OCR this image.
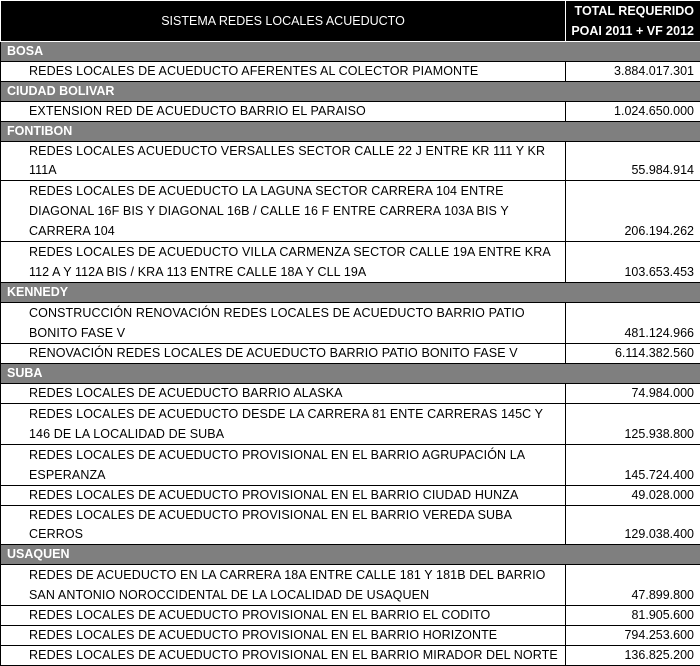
SISTEMA REDES LOCALES ACUEDUCTO	TOTAL REQUERIDO
POAI 2011 + VF 2012

BOSA	
REDES LOCALES DE ACUEDUCTO AFERENTES AL COLECTOR PIAMONTE	3.884.017.301
CIUDAD BOLIVAR	
EXTENSION RED DE ACUEDUCTO BARRIO EL PARAISO	1.024.650.000
FONTIBON	
REDES LOCALES ACUEDUCTO VERSALLES SECTOR CALLE 22 J ENTRE KR 111 Y KR 111A	55.984.914
REDES LOCALES DE ACUEDUCTO LA LAGUNA SECTOR CARRERA 104 ENTRE DIAGONAL 16F BIS Y DIAGONAL 16B / CALLE 16 F ENTRE CARRERA 103A BIS Y CARRERA 104	206.194.262
REDES LOCALES DE ACUEDUCTO VILLA CARMENZA SECTOR CALLE 19A ENTRE KRA 112 A Y 112A BIS / KRA 113 ENTRE CALLE 18A Y CLL 19A	103.653.453
KENNEDY	
CONSTRUCCIÓN RENOVACIÓN REDES LOCALES DE ACUEDUCTO BARRIO PATIO BONITO FASE V	481.124.966
RENOVACIÓN REDES LOCALES DE ACUEDUCTO BARRIO PATIO BONITO FASE V	6.114.382.560
SUBA	
REDES LOCALES DE ACUEDUCTO BARRIO ALASKA	74.984.000
REDES LOCALES DE ACUEDUCTO DESDE LA CARRERA 81 ENTE CARRERAS 145C Y 146 DE LA LOCALIDAD DE SUBA	125.938.800
REDES LOCALES DE ACUEDUCTO PROVISIONAL EN EL BARRIO AGRUPACIÓN LA ESPERANZA	145.724.400
REDES LOCALES DE ACUEDUCTO PROVISIONAL EN EL BARRIO CIUDAD HUNZA	49.028.000
REDES LOCALES DE ACUEDUCTO PROVISIONAL EN EL BARRIO VEREDA SUBA CERROS	129.038.400
USAQUEN	
REDES DE ACUEDUCTO EN LA CARRERA 18A ENTRE CALLE 181 Y 181B DEL BARRIO SAN ANTONIO NOROCCIDENTAL DE LA LOCALIDAD DE USAQUEN	47.899.800
REDES LOCALES DE ACUEDUCTO PROVISIONAL EN EL BARRIO EL CODITO	81.905.600
REDES LOCALES DE ACUEDUCTO PROVISIONAL EN EL BARRIO HORIZONTE	794.253.600
REDES LOCALES DE ACUEDUCTO PROVISIONAL EN EL BARRIO MIRADOR DEL NORTE	136.825.200
